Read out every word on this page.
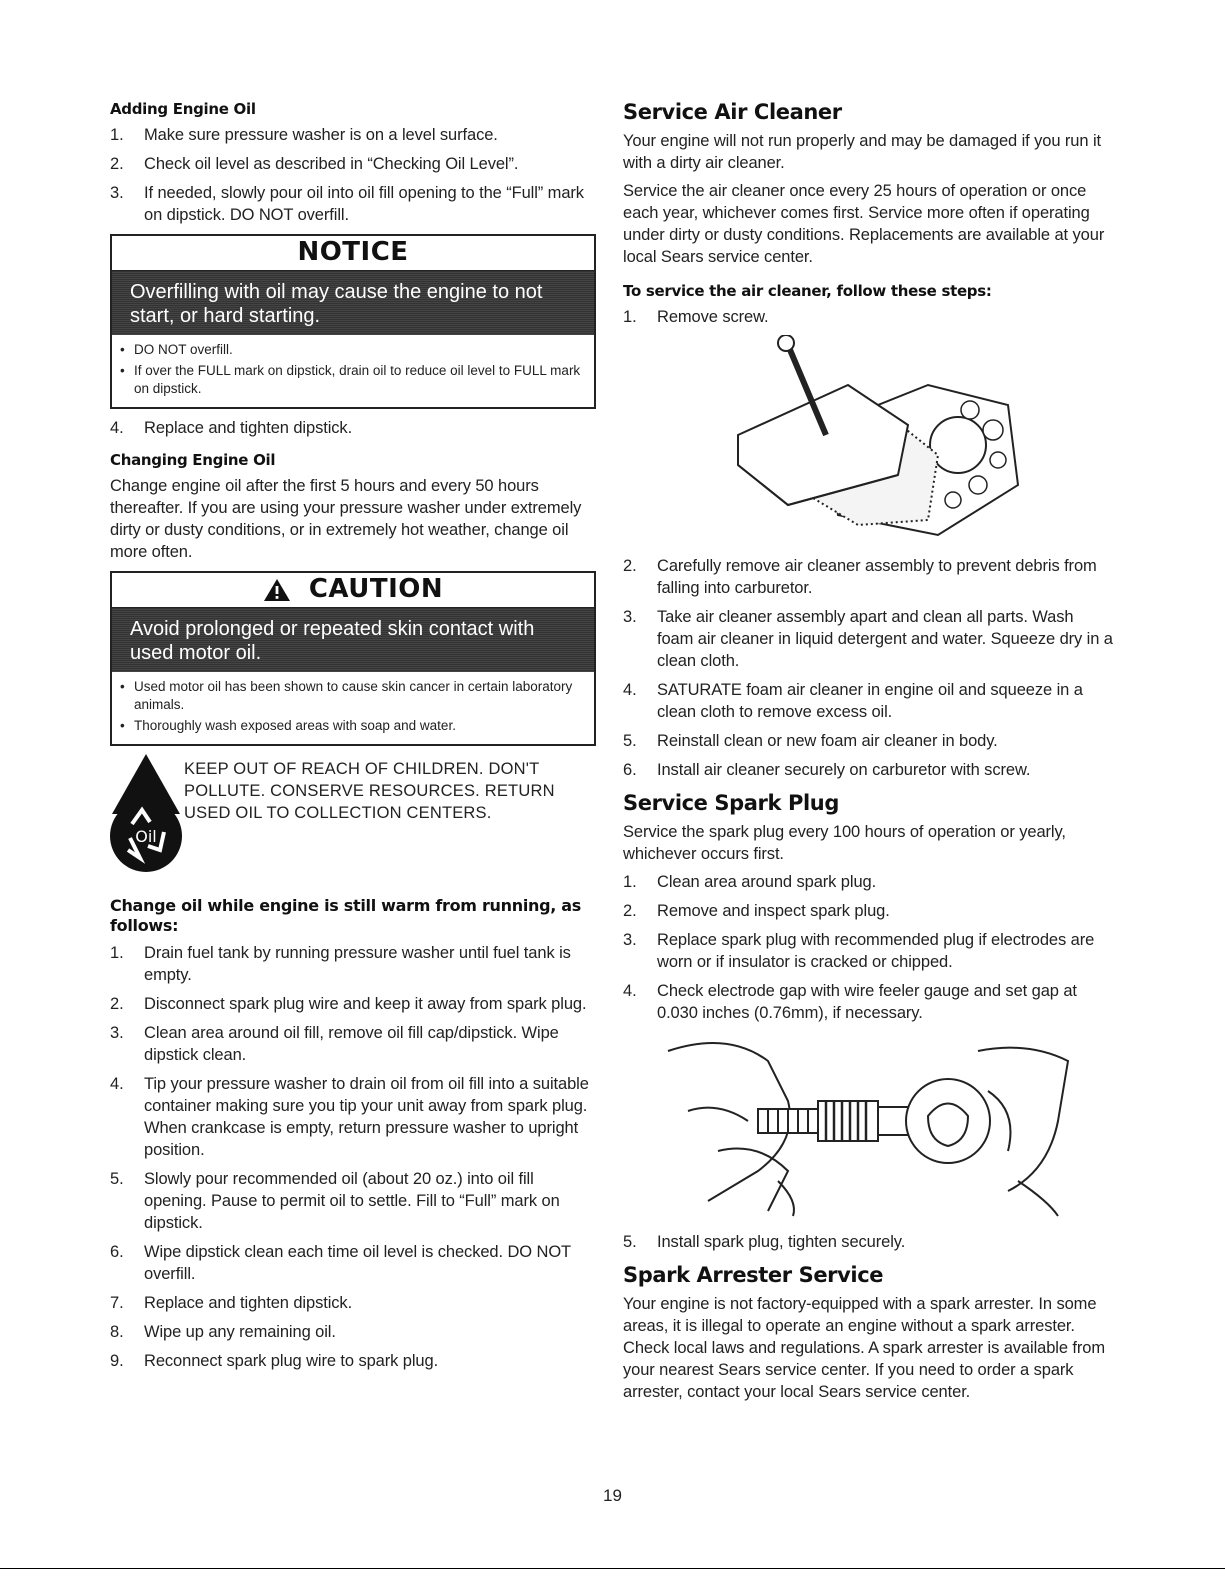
Adding Engine Oil
1. Make sure pressure washer is on a level surface.
2. Check oil level as described in “Checking Oil Level”.
3. If needed, slowly pour oil into oil fill opening to the “Full” mark on dipstick. DO NOT overfill.
NOTICE
Overfilling with oil may cause the engine to not start, or hard starting.
• DO NOT overfill.
• If over the FULL mark on dipstick, drain oil to reduce oil level to FULL mark on dipstick.
4. Replace and tighten dipstick.
Changing Engine Oil

Change engine oil after the first 5 hours and every 50 hours thereafter. If you are using your pressure washer under extremely dirty or dusty conditions, or in extremely hot weather, change oil more often.

CAUTION
Avoid prolonged or repeated skin contact with used motor oil.
• Used motor oil has been shown to cause skin cancer in certain laboratory animals.
• Thoroughly wash exposed areas with soap and water.
Oil
KEEP OUT OF REACH OF CHILDREN. DON'T POLLUTE. CONSERVE RESOURCES. RETURN USED OIL TO COLLECTION CENTERS.
Change oil while engine is still warm from running, as follows:
1. Drain fuel tank by running pressure washer until fuel tank is empty.
2. Disconnect spark plug wire and keep it away from spark plug.
3. Clean area around oil fill, remove oil fill cap/dipstick. Wipe dipstick clean.
4. Tip your pressure washer to drain oil from oil fill into a suitable container making sure you tip your unit away from spark plug. When crankcase is empty, return pressure washer to upright position.
5. Slowly pour recommended oil (about 20 oz.) into oil fill opening. Pause to permit oil to settle. Fill to “Full” mark on dipstick.
6. Wipe dipstick clean each time oil level is checked. DO NOT overfill.
7. Replace and tighten dipstick.
8. Wipe up any remaining oil.
9. Reconnect spark plug wire to spark plug.
Service Air Cleaner

Your engine will not run properly and may be damaged if you run it with a dirty air cleaner.

Service the air cleaner once every 25 hours of operation or once each year, whichever comes first. Service more often if operating under dirty or dusty conditions. Replacements are available at your local Sears service center.

To service the air cleaner, follow these steps:
1. Remove screw.
2. Carefully remove air cleaner assembly to prevent debris from falling into carburetor.
3. Take air cleaner assembly apart and clean all parts. Wash foam air cleaner in liquid detergent and water. Squeeze dry in a clean cloth.
4. SATURATE foam air cleaner in engine oil and squeeze in a clean cloth to remove excess oil.
5. Reinstall clean or new foam air cleaner in body.
6. Install air cleaner securely on carburetor with screw.
Service Spark Plug

Service the spark plug every 100 hours of operation or yearly, whichever occurs first.

1. Clean area around spark plug.
2. Remove and inspect spark plug.
3. Replace spark plug with recommended plug if electrodes are worn or if insulator is cracked or chipped.
4. Check electrode gap with wire feeler gauge and set gap at 0.030 inches (0.76mm), if necessary.
5. Install spark plug, tighten securely.
Spark Arrester Service

Your engine is not factory-equipped with a spark arrester. In some areas, it is illegal to operate an engine without a spark arrester. Check local laws and regulations. A spark arrester is available from your nearest Sears service center. If you need to order a spark arrester, contact your local Sears service center.

19
